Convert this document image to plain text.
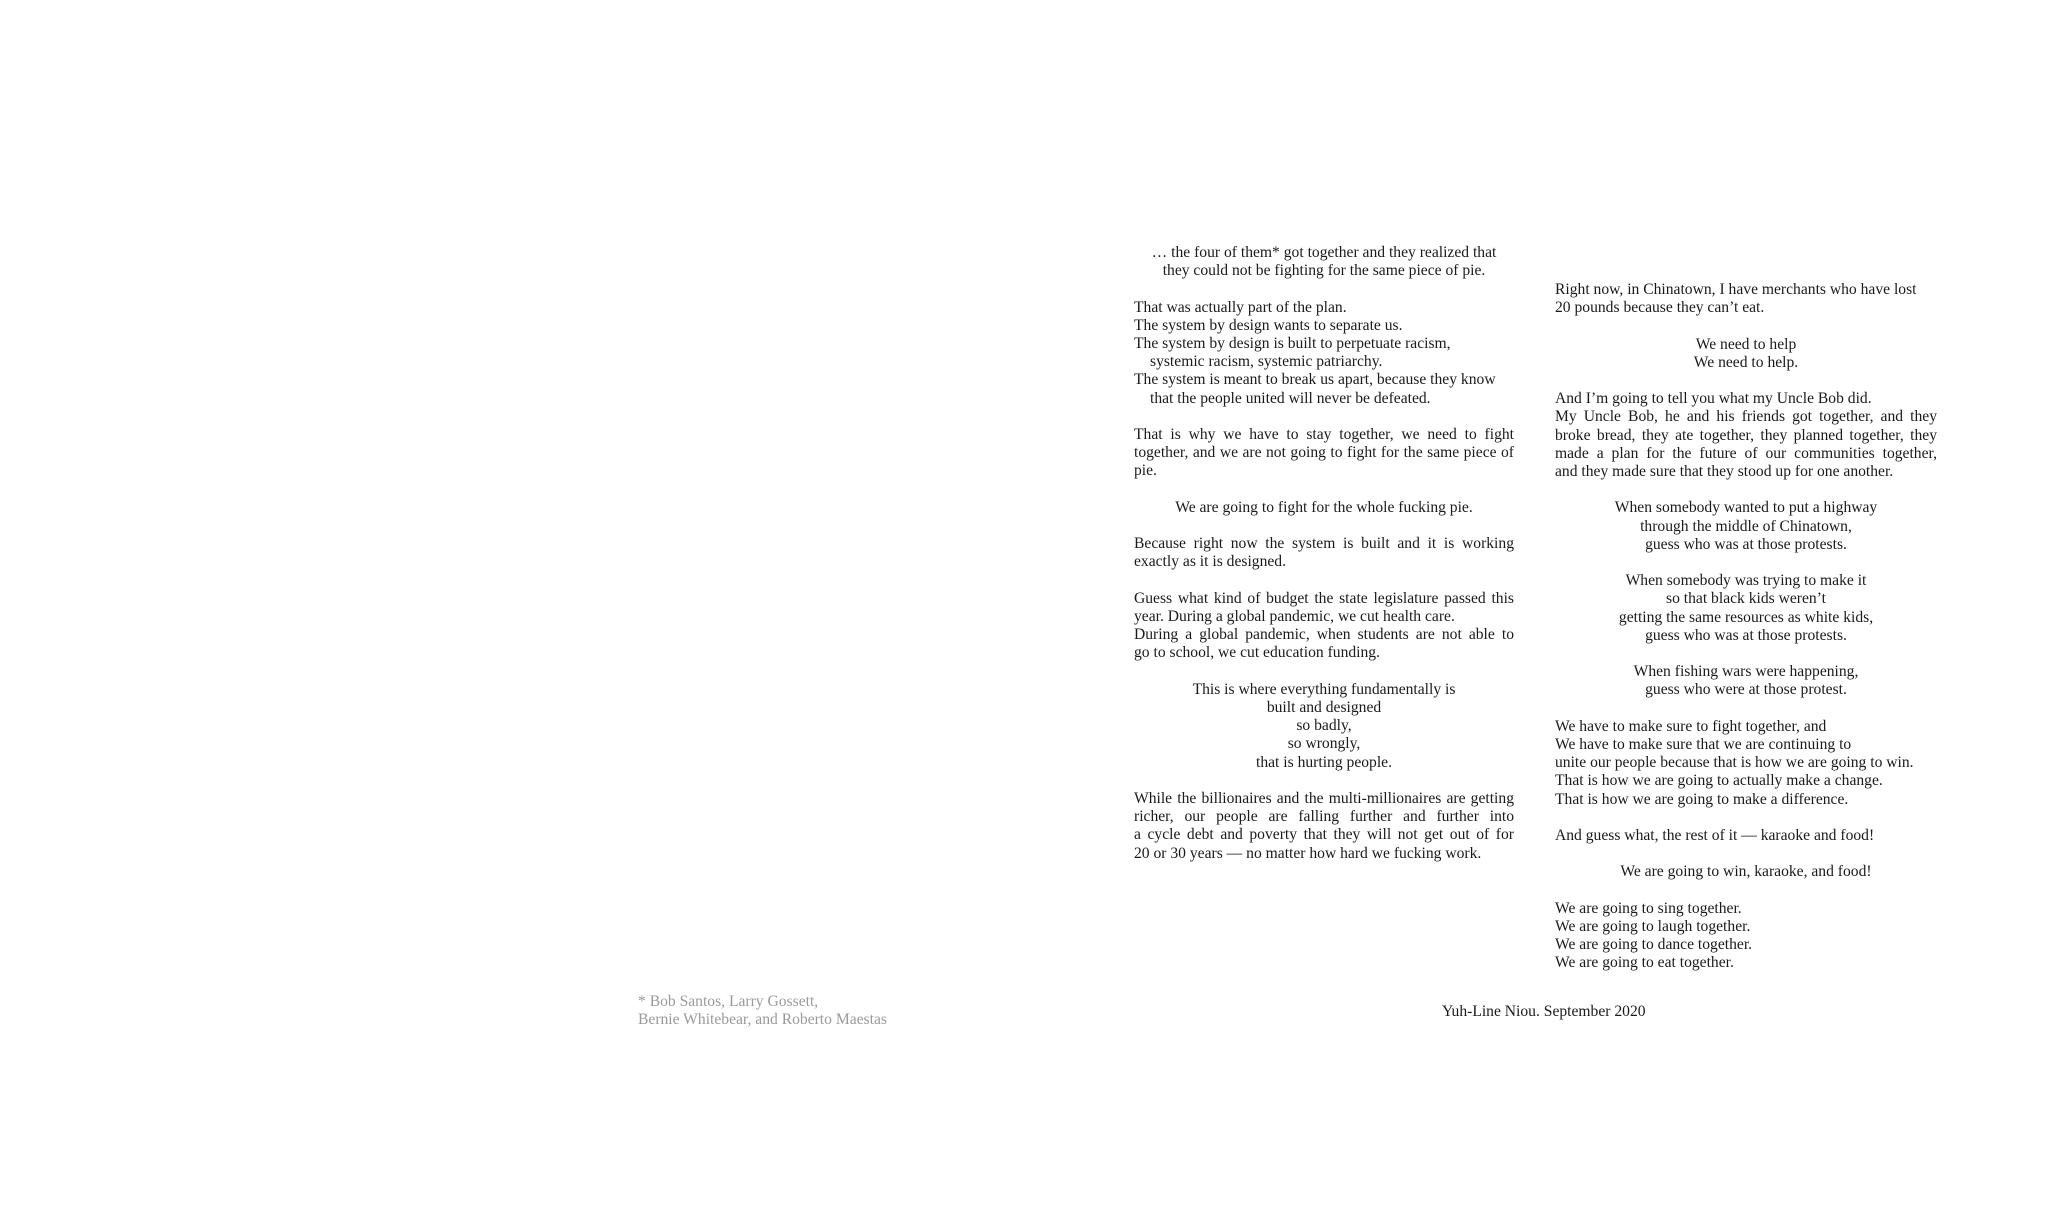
… the four of them* got together and they realized that
they could not be fighting for the same piece of pie.
That was actually part of the plan.
The system by design wants to separate us.
The system by design is built to perpetuate racism,
systemic racism, systemic patriarchy.
The system is meant to break us apart, because they know
that the people united will never be defeated.
That is why we have to stay together, we need to fight
together, and we are not going to fight for the same piece of
pie.
We are going to fight for the whole fucking pie.
Because right now the system is built and it is working
exactly as it is designed.
Guess what kind of budget the state legislature passed this
year. During a global pandemic, we cut health care.
During a global pandemic, when students are not able to
go to school, we cut education funding.
This is where everything fundamentally is
built and designed
so badly,
so wrongly,
that is hurting people.
While the billionaires and the multi-millionaires are getting
richer, our people are falling further and further into
a cycle debt and poverty that they will not get out of for
20 or 30 years — no matter how hard we fucking work.
Right now, in Chinatown, I have merchants who have lost
20 pounds because they can’t eat.
We need to help
We need to help.
And I’m going to tell you what my Uncle Bob did.
My Uncle Bob, he and his friends got together, and they
broke bread, they ate together, they planned together, they
made a plan for the future of our communities together,
and they made sure that they stood up for one another.
When somebody wanted to put a highway
through the middle of Chinatown,
guess who was at those protests.
When somebody was trying to make it
so that black kids weren’t
getting the same resources as white kids,
guess who was at those protests.
When fishing wars were happening,
guess who were at those protest.
We have to make sure to fight together, and
We have to make sure that we are continuing to
unite our people because that is how we are going to win.
That is how we are going to actually make a change.
That is how we are going to make a difference.
And guess what, the rest of it — karaoke and food!
We are going to win, karaoke, and food!
We are going to sing together.
We are going to laugh together.
We are going to dance together.
We are going to eat together.
* Bob Santos, Larry Gossett,
Bernie Whitebear, and Roberto Maestas	Yuh-Line Niou. September 2020
